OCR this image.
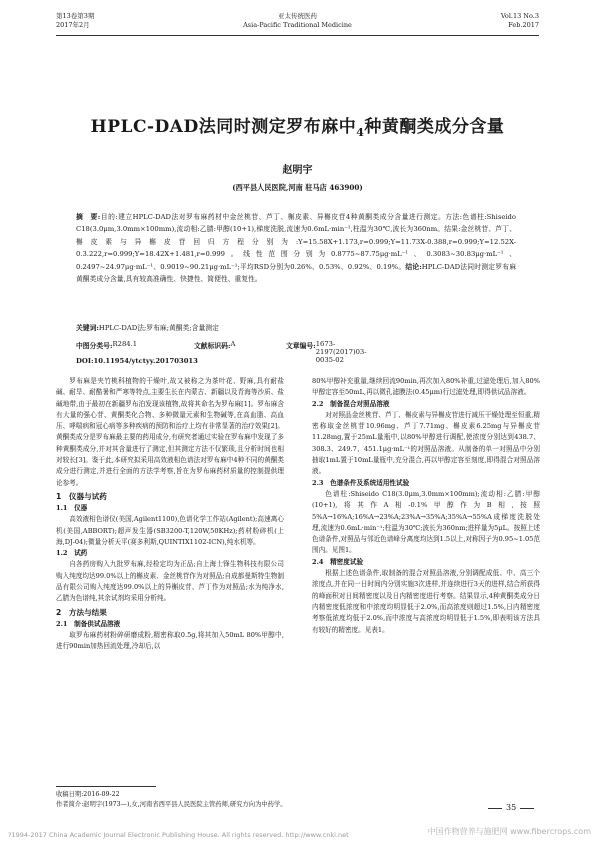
第13卷第3期
2017年2月
亚太传统医药
Asia-Pacific Traditional Medicine
Vol.13 No.3
Feb.2017
HPLC-DAD法同时测定罗布麻中$_4$种黄酮类成分含量
赵明宇
(西平县人民医院,河南 驻马店 463900)
摘　要:目的:建立HPLC-DAD法对罗布麻药材中金丝桃苷、芦丁、槲皮素、异槲皮苷4种黄酮类成分含量进行测定。方法:色谱柱:Shiseido C18(3.0μm,3.0mm×100mm),流动相:乙腈:甲醇(10+1),梯度洗脱,流速为0.6mL·min⁻¹,柱温为30℃,波长为360nm。结果:金丝桃苷、芦丁、槲皮素与异槲皮苷回归方程分别为:Y=15.58X+1.173,r=0.999;Y=11.73X-0.388,r=0.999;Y=12.52X-0.3.222,r=0.999;Y=18.42X+1.481,r=0.999。线性范围分别为0.8775~87.75μg·mL⁻¹、0.3083~30.83μg·mL⁻¹、0.2497~24.97μg·mL⁻¹、0.9019~90.21μg·mL⁻¹;平均RSD分别为0.26%、0.53%、0.92%、0.19%。结论:HPLC-DAD法同时测定罗布麻黄酮类成分含量,具有较高准确性、快捷性、简便性、重复性。
关键词:HPLC-DAD法;罗布麻;黄酮类;含量测定
中图分类号: R284.1	文献标识码: A	文章编号: 1673-2197(2017)03-0035-02
DOI:10.11954/ytctyy.201703013

罗布麻是夹竹桃科植物的干燥叶,故又被称之为茶叶花、野麻,具有耐盐碱、耐旱、耐酷暑和严寒等特点,主要生长在内蒙古、新疆以及青海等沙质、盐碱地带,由于最初在新疆罗布泊发现该植物,故将其命名为罗布麻[1]。罗布麻含有大量的强心苷、黄酮类化合物、多种微量元素和生物碱等,在高血脂、高血压、哮喘病和冠心病等多种疾病的预防和治疗上均有非常显著的治疗效果[2]。黄酮类成分是罗布麻最主要的药用成分,有研究者通过实验在罗布麻中发现了多种黄酮类成分,并对其含量进行了测定,但其测定方法不仅繁琐,且分析时间也相对较长[3]。鉴于此,本研究拟采用高效液相色谱法对罗布麻中4种不同的黄酮类成分进行测定,并进行全面的方法学考察,旨在为罗布麻药材质量的控制提供理论参考。

1　仪器与试药
1.1　仪器

高效液相色谱仪(美国,Agilent1100),色谱化学工作站(Agilent);高速离心机(美国,ABBORT);超声发生器(SB3200-T,120W,50KHz);药材粉碎机(上海,DJ-04);微量分析天平(赛多利斯,QUINTIX1102-ICN),纯水机等。

1.2　试药

自各药房购入九批罗布麻,经检定均为正品;自上海士锋生物科技有限公司购入纯度均达99.0%以上的槲皮素、金丝桃苷作为对照品;自成都曼斯特生物制品有限公司购入纯度达99.0%以上的异槲皮苷、芦丁作为对照品;水为纯净水,乙腈为色谱纯,其余试剂均采用分析纯。

2　方法与结果
2.1　制备供试品溶液

取罗布麻药材粉碎研磨成粉,精密称取0.5g,将其加入50mL 80%甲醇中,进行90min加热回流处理,冷却后,以

80%甲醇补充重量,继续回流90min,再次加入80%补重,过滤处理后,加入80%甲醇定容至50mL,再以微孔滤膜法(0.45μm)行过滤处理,即得供试品溶液。

2.2　制备混合对照品溶液

对对照品金丝桃苷、芦丁、槲皮素与异槲皮苷进行减压干燥处理至恒重,精密称取金丝桃苷10.96mg、芦丁7.71mg、槲皮素6.25mg与异槲皮苷11.28mg,置于25mL量瓶中,以80%甲醇进行调配,使浓度分别达到438.7、308.3、249.7、451.1μg·mL⁻¹的对照品溶液。从制备的单一对照品中分别抽取1mL置于10mL量瓶中,充分混合,再以甲醇定容至刻度,即得混合对照品溶液。

2.3　色谱条件及系统适用性试验

色谱柱:Shiseido C18(3.0μm,3.0mm×100mm);流动相:乙腈:甲醇(10+1),将其作A相-0.1%甲醇作为B相,按照5%A→16%A;16%A→23%A;23%A→35%A;35%A→55%A成梯度洗脱处理,流速为0.6mL·min⁻¹;柱温为30℃;波长为360nm;进样量为5μL。按照上述色谱条件,对照品与邻近色谱峰分离度均达到1.5以上,对称因子为0.95~1.05范围内。见图1。

2.4　精密度试验

根据上述色谱条件,取制备的混合对照品溶液,分别调配成低、中、高三个浓度点,并在同一日时间内分别实施3次进样,并连续进行3天的进样,结合所获得的峰面积对日间精密度以及日内精密度进行考察。结果显示,4种黄酮类成分日内精密度低浓度和中浓度均明显低于2.0%,而高浓度则超过1.5%,日内精密度考察低浓度均低于2.0%,而中浓度与高浓度均明显低于1.5%,即表明该方法具有较好的精密度。见表1。

收稿日期:2016-09-22
作者简介:赵明宇(1973—),女,河南省西平县人民医院主管药师,研究方向为中药学。	35
?1994-2017 China Academic Journal Electronic Publishing House. All rights reserved. http://www.cnki.net	中国作物营养与施肥网 www.fibercrops.com
